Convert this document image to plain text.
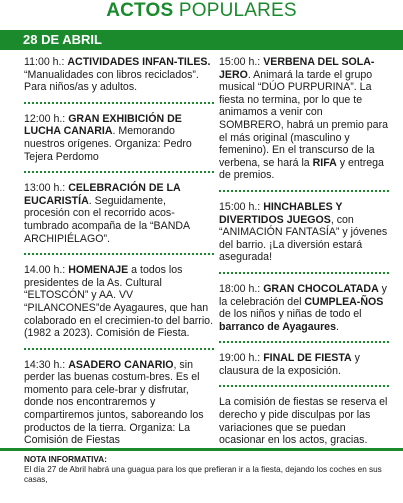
ACTOS POPULARES
28 DE ABRIL
11:00 h.: ACTIVIDADES INFAN-TILES. “Manualidades con libros reciclados”. Para niños/as y adultos.
12:00 h.: GRAN EXHIBICIÓN DE LUCHA CANARIA. Memorando nuestros orígenes. Organiza: Pedro Tejera Perdomo
13:00 h.: CELEBRACIÓN DE LA EUCARISTÍA. Seguidamente, procesión con el recorrido acos-tumbrado acompaña de la “BANDA ARCHIPIÉLAGO”.
14.00 h.: HOMENAJE a todos los presidentes de la As. Cultural “ELTOSCÓN” y AA. VV “PILANCONES”de Ayagaures, que han colaborado en el crecimien-to del barrio. (1982 a 2023). Comisión de Fiesta.
14:30 h.: ASADERO CANARIO, sin perder las buenas costum-bres. Es el momento para cele-brar y disfrutar, donde nos encontraremos y compartiremos juntos, saboreando los productos de la tierra. Organiza: La Comisión de Fiestas
15:00 h.: VERBENA DEL SOLA-JERO. Animará la tarde el grupo musical “DÚO PURPURINA”. La fiesta no termina, por lo que te animamos a venir con SOMBRERO, habrá un premio para el más original (masculino y femenino). En el transcurso de la verbena, se hará la RIFA y entrega de premios.
15:00 h.: HINCHABLES Y DIVERTIDOS JUEGOS, con “ANIMACIÓN FANTASÍA” y jóvenes del barrio. ¡La diversión estará asegurada!
18:00 h.: GRAN CHOCOLATADA y la celebración del CUMPLEA-ÑOS de los niños y niñas de todo el barranco de Ayagaures.
19:00 h.: FINAL DE FIESTA y clausura de la exposición.
La comisión de fiestas se reserva el derecho y pide disculpas por las variaciones que se puedan ocasionar en los actos, gracias.
NOTA INFORMATIVA:
El día 27 de Abril habrá una guagua para los que prefieran ir a la fiesta, dejando los coches en sus casas,
